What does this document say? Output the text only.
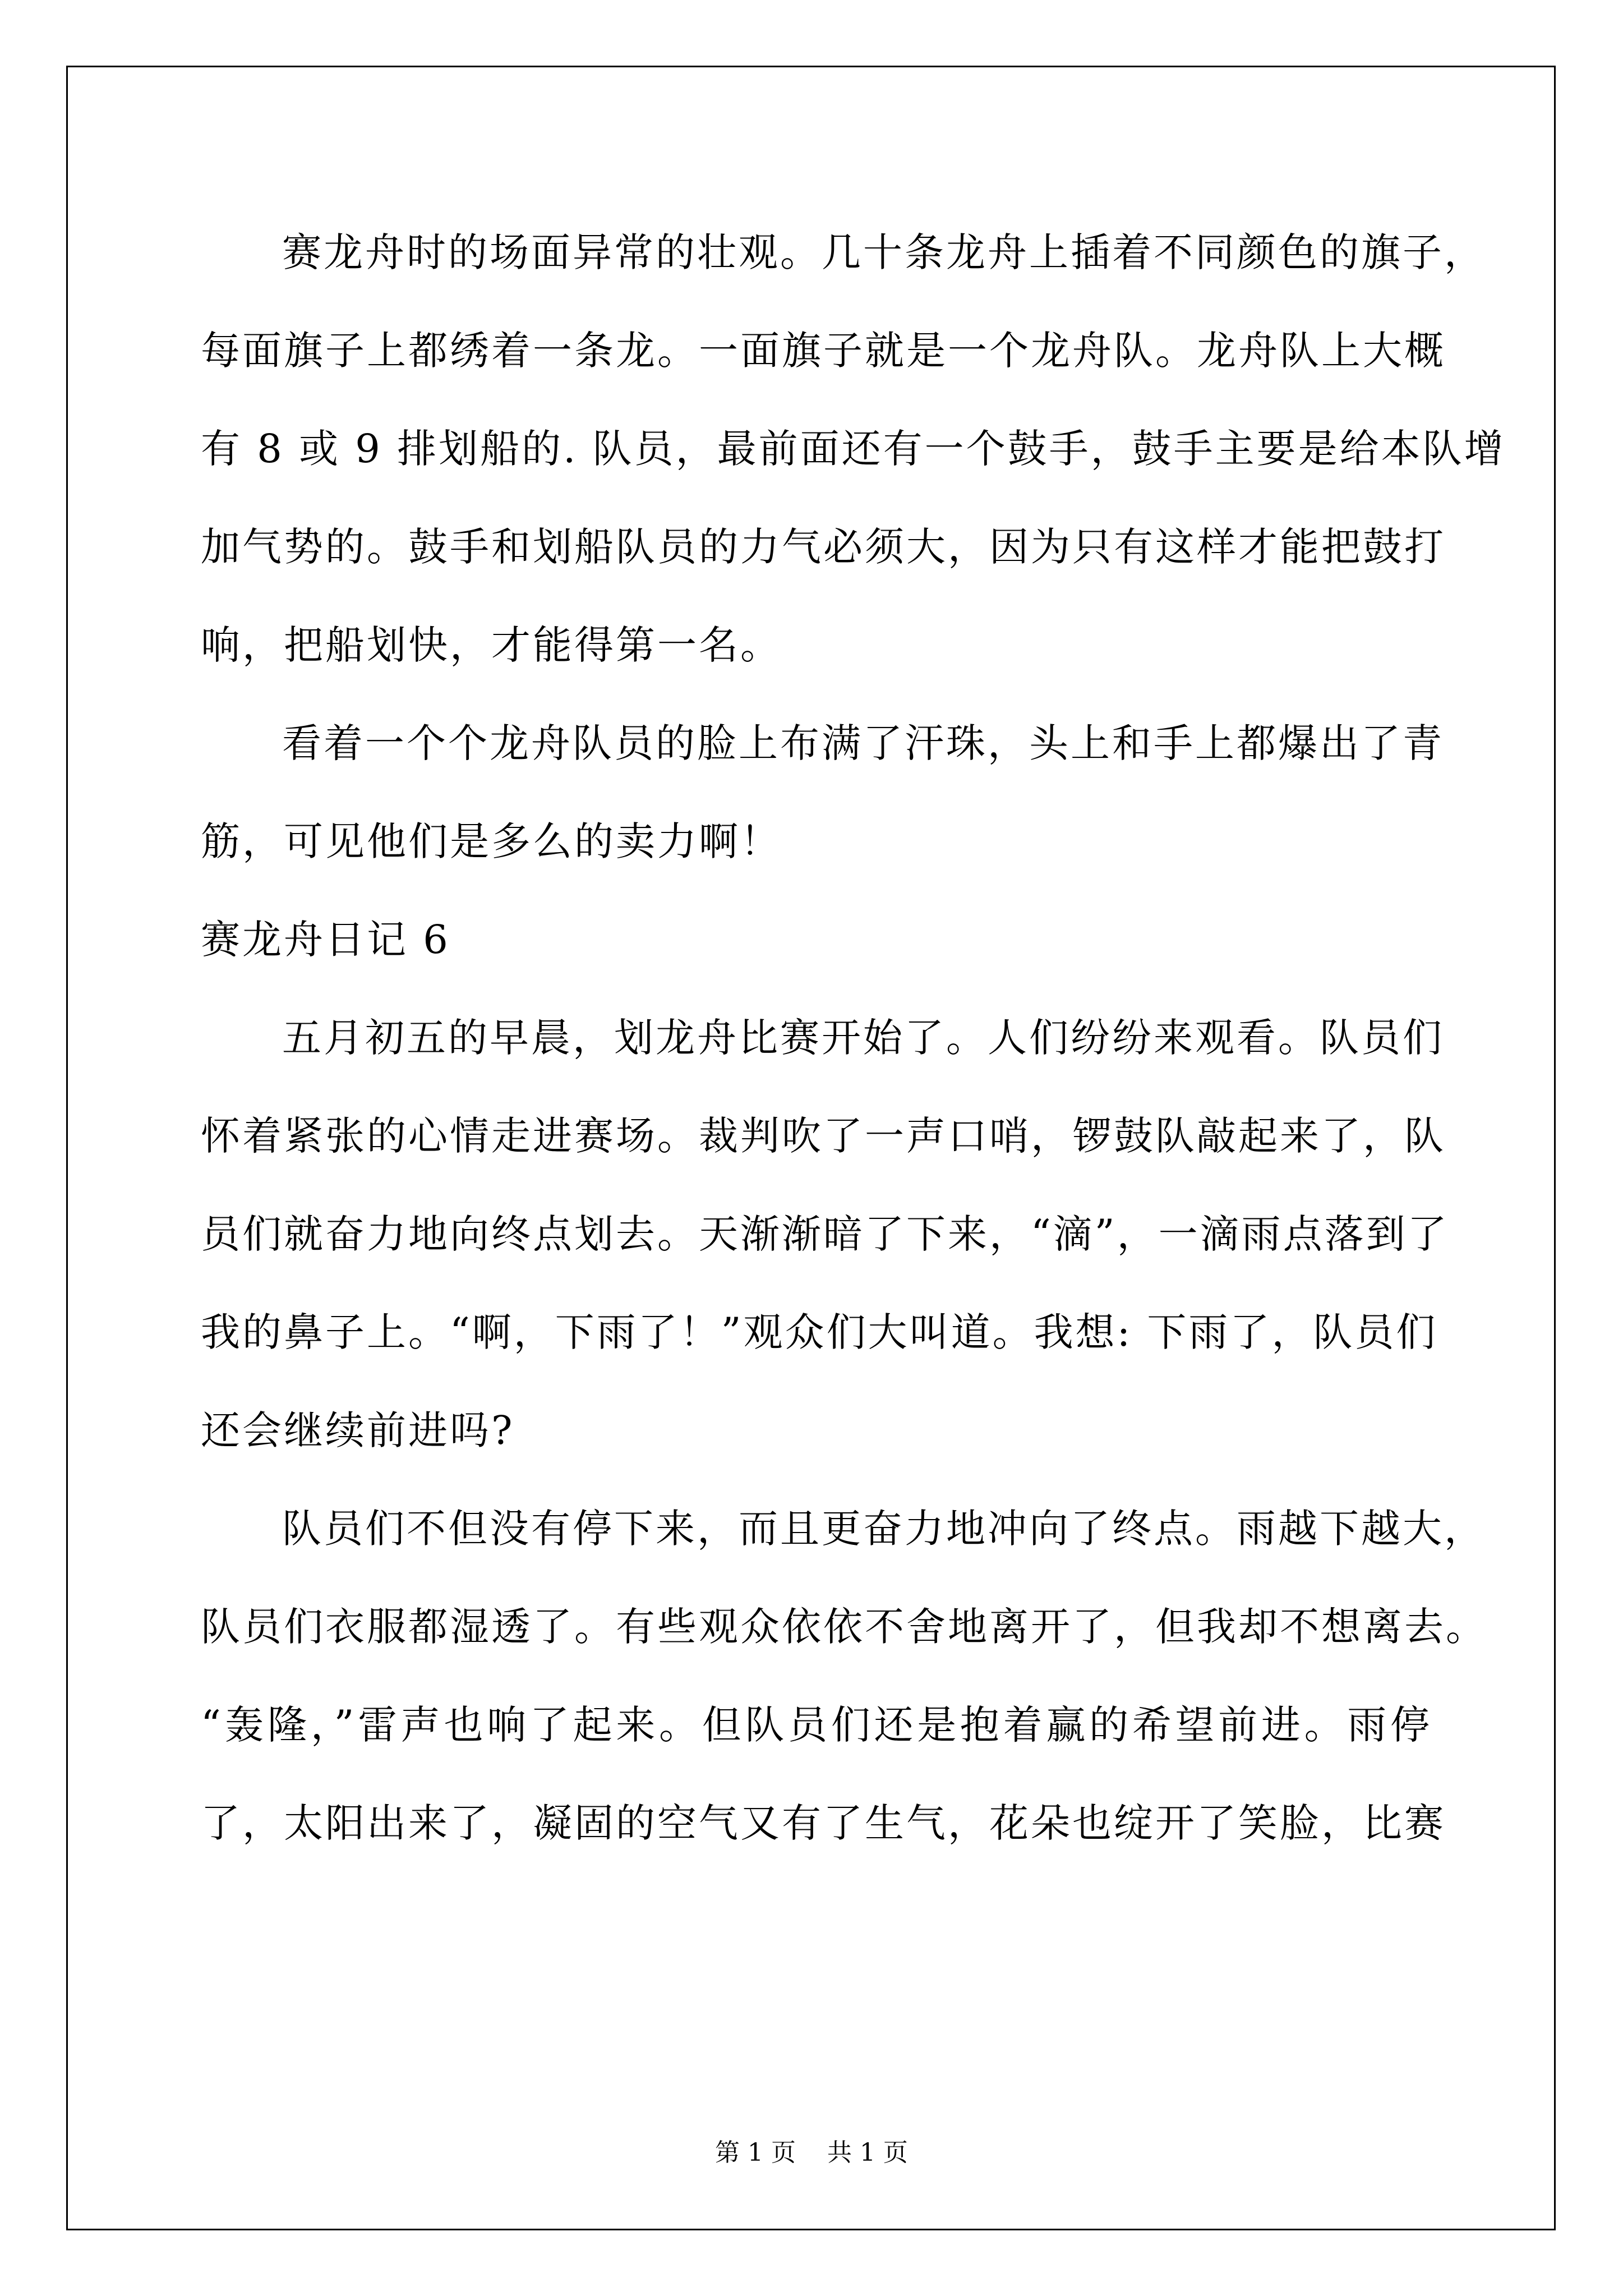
赛龙舟时的场面异常的壮观。几十条龙舟上插着不同颜色的旗子，
每面旗子上都绣着一条龙。一面旗子就是一个龙舟队。龙舟队上大概
有 8 或 9 排划船的. 队员，最前面还有一个鼓手，鼓手主要是给本队增
加气势的。鼓手和划船队员的力气必须大，因为只有这样才能把鼓打
响，把船划快，才能得第一名。
看着一个个龙舟队员的脸上布满了汗珠，头上和手上都爆出了青
筋，可见他们是多么的卖力啊！
赛龙舟日记 6
五月初五的早晨，划龙舟比赛开始了。人们纷纷来观看。队员们
怀着紧张的心情走进赛场。裁判吹了一声口哨，锣鼓队敲起来了，队
员们就奋力地向终点划去。天渐渐暗了下来，“滴”，一滴雨点落到了
我的鼻子上。“啊，下雨了！”观众们大叫道。我想: 下雨了，队员们
还会继续前进吗?
队员们不但没有停下来，而且更奋力地冲向了终点。雨越下越大，
队员们衣服都湿透了。有些观众依依不舍地离开了，但我却不想离去。
“轰隆，”雷声也响了起来。但队员们还是抱着赢的希望前进。雨停
了，太阳出来了，凝固的空气又有了生气，花朵也绽开了笑脸，比赛
第 1 页    共 1 页
